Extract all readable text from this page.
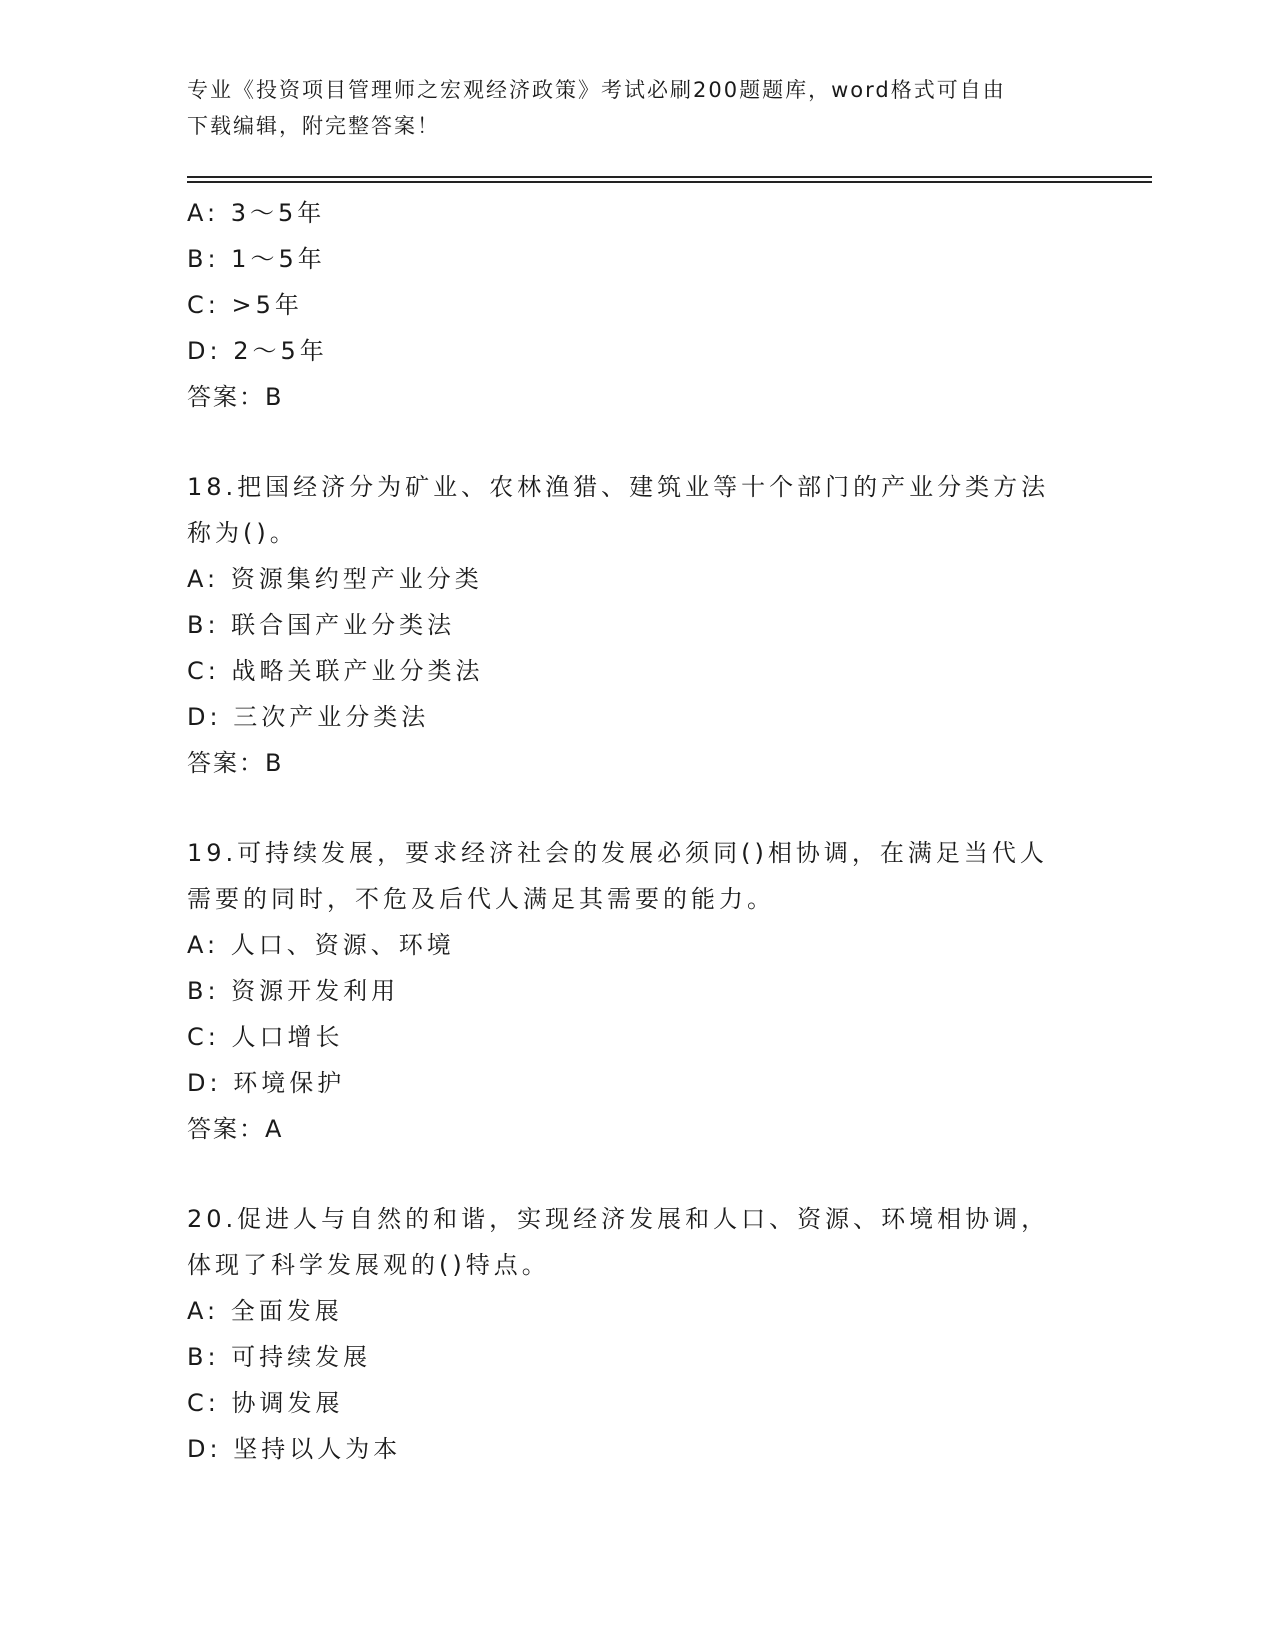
专业《投资项目管理师之宏观经济政策》考试必刷200题题库，word格式可自由
下载编辑，附完整答案！
A: 3～5年
B: 1～5年
C: >5年
D: 2～5年
答案：B
18.把国经济分为矿业、农林渔猎、建筑业等十个部门的产业分类方法
称为()。
A: 资源集约型产业分类
B: 联合国产业分类法
C: 战略关联产业分类法
D: 三次产业分类法
答案：B
19.可持续发展，要求经济社会的发展必须同()相协调，在满足当代人
需要的同时，不危及后代人满足其需要的能力。
A: 人口、资源、环境
B: 资源开发利用
C: 人口增长
D: 环境保护
答案：A
20.促进人与自然的和谐，实现经济发展和人口、资源、环境相协调，
体现了科学发展观的()特点。
A: 全面发展
B: 可持续发展
C: 协调发展
D: 坚持以人为本
